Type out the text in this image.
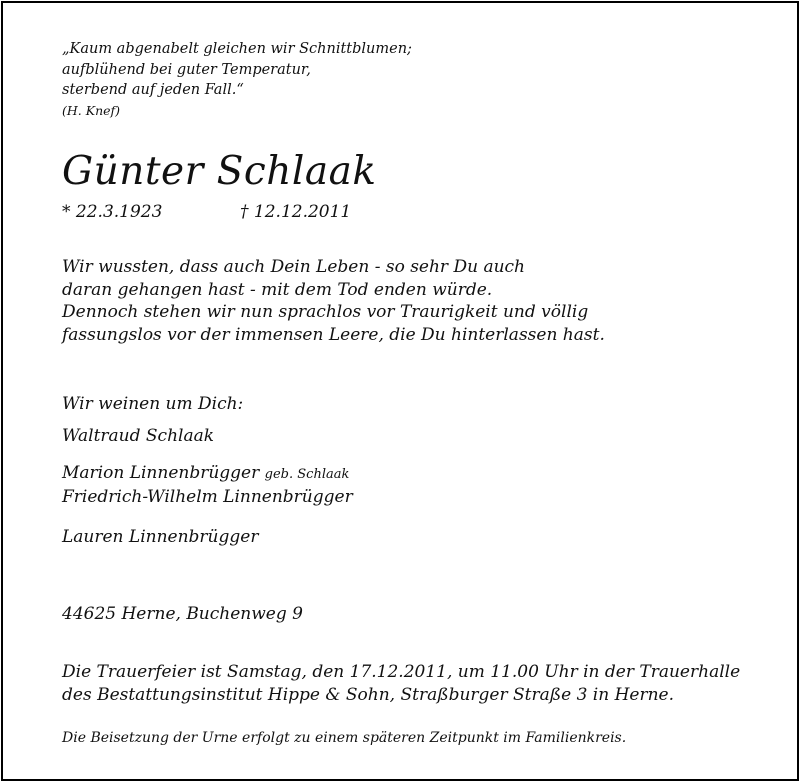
„Kaum abgenabelt gleichen wir Schnittblumen;
aufblühend bei guter Temperatur,
sterbend auf jeden Fall.“
(H. Knef)
Günter Schlaak
* 22.3.1923	† 12.12.2011
Wir wussten, dass auch Dein Leben - so sehr Du auch
daran gehangen hast - mit dem Tod enden würde.
Dennoch stehen wir nun sprachlos vor Traurigkeit und völlig
fassungslos vor der immensen Leere, die Du hinterlassen hast.
Wir weinen um Dich:
Waltraud Schlaak
Marion Linnenbrügger geb. Schlaak
Friedrich-Wilhelm Linnenbrügger
Lauren Linnenbrügger
44625 Herne, Buchenweg 9
Die Trauerfeier ist Samstag, den 17.12.2011, um 11.00 Uhr in der Trauerhalle
des Bestattungsinstitut Hippe & Sohn, Straßburger Straße 3 in Herne.
Die Beisetzung der Urne erfolgt zu einem späteren Zeitpunkt im Familienkreis.
